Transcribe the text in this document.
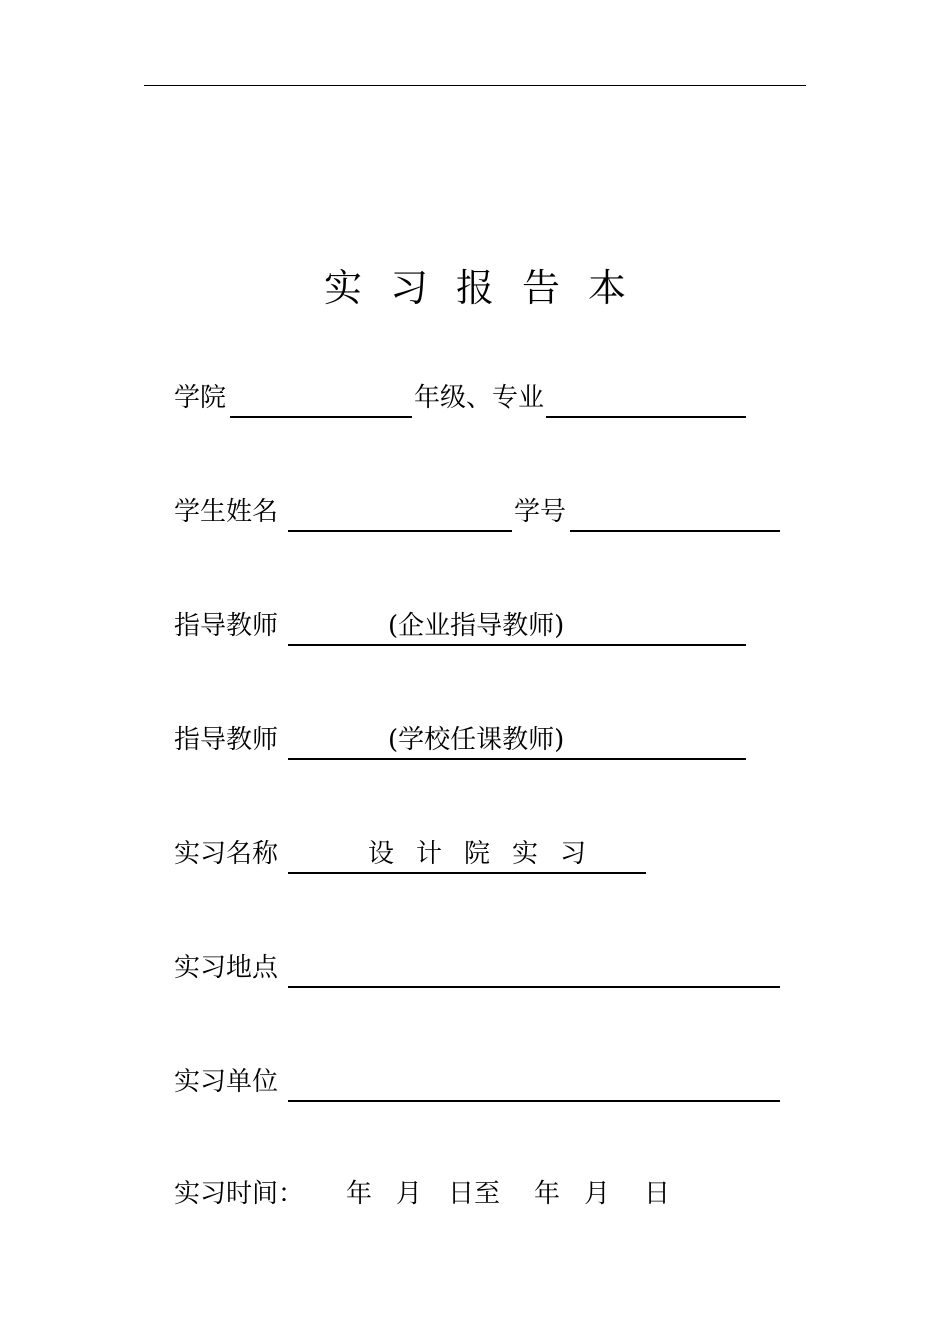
实习报告本
学院	年级、专业
学生姓名	学号
指导教师	(企业指导教师)
指导教师	(学校任课教师)
实习名称	设计院实习
实习地点
实习单位
实习时间： 年 月 日至 年 月 日
